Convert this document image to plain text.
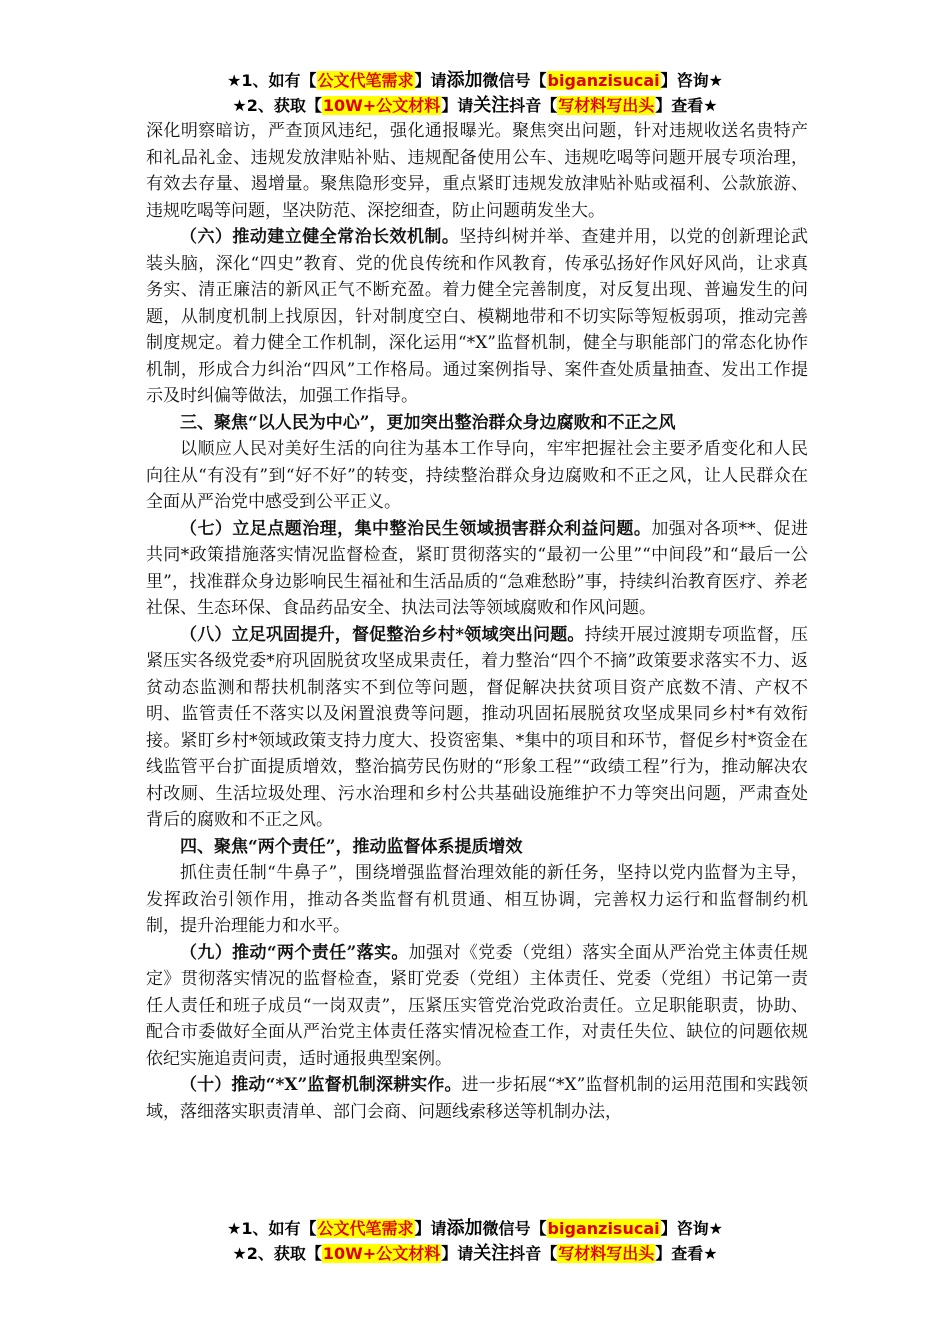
★1、如有【公文代笔需求】请添加微信号【biganzisucai】咨询★
★2、获取【10W+公文材料】请关注抖音【写材料写出头】查看★

深化明察暗访，严查顶风违纪，强化通报曝光。聚焦突出问题，针对违规收送名贵特产和礼品礼金、违规发放津贴补贴、违规配备使用公车、违规吃喝等问题开展专项治理，有效去存量、遏增量。聚焦隐形变异，重点紧盯违规发放津贴补贴或福利、公款旅游、违规吃喝等问题，坚决防范、深挖细查，防止问题萌发坐大。

（六）推动建立健全常治长效机制。坚持纠树并举、查建并用，以党的创新理论武装头脑，深化“四史”教育、党的优良传统和作风教育，传承弘扬好作风好风尚，让求真务实、清正廉洁的新风正气不断充盈。着力健全完善制度，对反复出现、普遍发生的问题，从制度机制上找原因，针对制度空白、模糊地带和不切实际等短板弱项，推动完善制度规定。着力健全工作机制，深化运用“*X”监督机制，健全与职能部门的常态化协作机制，形成合力纠治“四风”工作格局。通过案例指导、案件查处质量抽查、发出工作提示及时纠偏等做法，加强工作指导。

三、聚焦“以人民为中心”，更加突出整治群众身边腐败和不正之风

以顺应人民对美好生活的向往为基本工作导向，牢牢把握社会主要矛盾变化和人民向往从“有没有”到“好不好”的转变，持续整治群众身边腐败和不正之风，让人民群众在全面从严治党中感受到公平正义。

（七）立足点题治理，集中整治民生领域损害群众利益问题。加强对各项**、促进共同*政策措施落实情况监督检查，紧盯贯彻落实的“最初一公里”“中间段”和“最后一公里”，找准群众身边影响民生福祉和生活品质的“急难愁盼”事，持续纠治教育医疗、养老社保、生态环保、食品药品安全、执法司法等领域腐败和作风问题。

（八）立足巩固提升，督促整治乡村*领域突出问题。持续开展过渡期专项监督，压紧压实各级党委*府巩固脱贫攻坚成果责任，着力整治“四个不摘”政策要求落实不力、返贫动态监测和帮扶机制落实不到位等问题，督促解决扶贫项目资产底数不清、产权不明、监管责任不落实以及闲置浪费等问题，推动巩固拓展脱贫攻坚成果同乡村*有效衔接。紧盯乡村*领域政策支持力度大、投资密集、*集中的项目和环节，督促乡村*资金在线监管平台扩面提质增效，整治搞劳民伤财的“形象工程”“政绩工程”行为，推动解决农村改厕、生活垃圾处理、污水治理和乡村公共基础设施维护不力等突出问题，严肃查处背后的腐败和不正之风。

四、聚焦“两个责任”，推动监督体系提质增效

抓住责任制“牛鼻子”，围绕增强监督治理效能的新任务，坚持以党内监督为主导，发挥政治引领作用，推动各类监督有机贯通、相互协调，完善权力运行和监督制约机制，提升治理能力和水平。

（九）推动“两个责任”落实。加强对《党委（党组）落实全面从严治党主体责任规定》贯彻落实情况的监督检查，紧盯党委（党组）主体责任、党委（党组）书记第一责任人责任和班子成员“一岗双责”，压紧压实管党治党政治责任。立足职能职责，协助、配合市委做好全面从严治党主体责任落实情况检查工作，对责任失位、缺位的问题依规依纪实施追责问责，适时通报典型案例。

（十）推动“*X”监督机制深耕实作。进一步拓展“*X”监督机制的运用范围和实践领域，落细落实职责清单、部门会商、问题线索移送等机制办法，

★1、如有【公文代笔需求】请添加微信号【biganzisucai】咨询★
★2、获取【10W+公文材料】请关注抖音【写材料写出头】查看★
